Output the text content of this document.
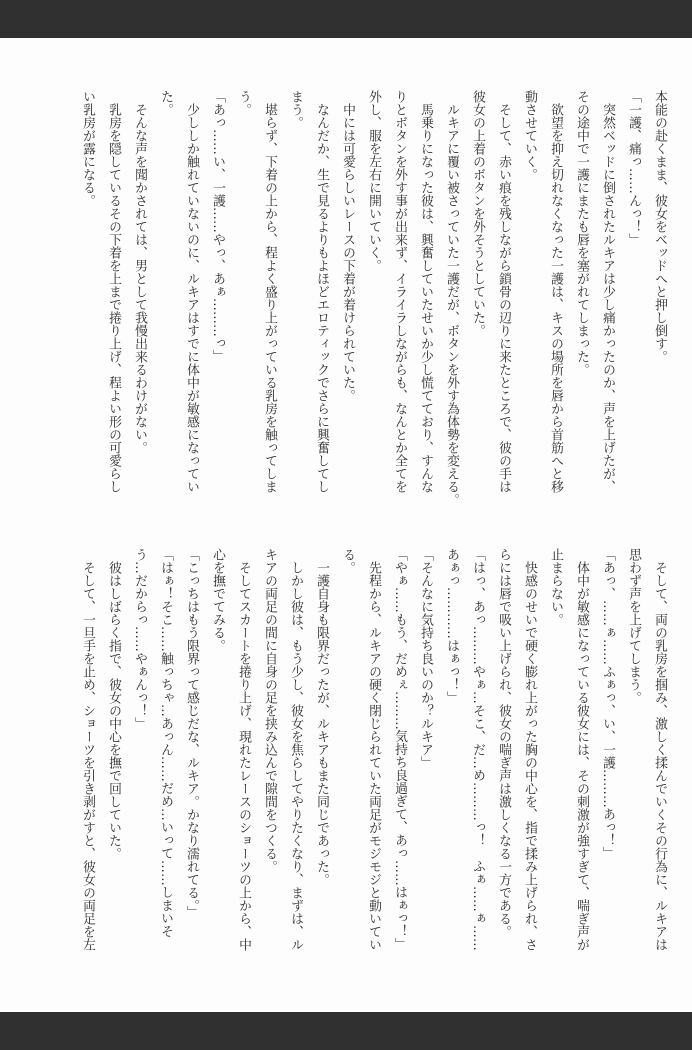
本能の赴くまま、彼女をベッドへと押し倒す。
「一護、痛っ……んっ！」
　突然ベッドに倒されたルキアは少し痛かったのか、声を上げたが、
その途中で一護にまたも唇を塞がれてしまった。
　欲望を抑え切れなくなった一護は、キスの場所を唇から首筋へと移
動させていく。
　そして、赤い痕を残しながら鎖骨の辺りに来たところで、彼の手は
彼女の上着のボタンを外そうとしていた。
　ルキアに覆い被さっていた一護だが、ボタンを外す為体勢を変える。
　馬乗りになった彼は、興奮していたせいか少し慌てており、すんな
りとボタンを外す事が出来ず、イライラしながらも、なんとか全てを
外し、服を左右に開いていく。
　中には可愛らしいレースの下着が着けられていた。
　なんだか、生で見るよりもよほどエロティックでさらに興奮してし
まう。
　堪らず、下着の上から、程よく盛り上がっている乳房を触ってしま
う。
「あっ……い、一護……やっ、あぁ………っ」
　少ししか触れていないのに、ルキアはすでに体中が敏感になってい
た。
　そんな声を聞かされては、男として我慢出来るわけがない。
　乳房を隠しているその下着を上まで捲り上げ、程よい形の可愛らし
い乳房が露になる。
　そして、両の乳房を掴み、激しく揉んでいくその行為に、ルキアは
思わず声を上げてしまう。
「あっ、……ぁ……ふぁっ、い、一護………あっ！」
　体中が敏感になっている彼女には、その刺激が強すぎて、喘ぎ声が
止まらない。
　快感のせいで硬く膨れ上がった胸の中心を、指で揉み上げられ、さ
らには唇で吸い上げられ、彼女の喘ぎ声は激しくなる一方である。
「はっ、あっ………やぁ…そこ、だ…め………っ！　ふぁ……ぁ……
あぁっ…………はぁっ！」
「そんなに気持ち良いのか？ルキア」
「やぁ……もう、だめぇ………気持ち良過ぎて、あっ……はぁっ！」
　先程から、ルキアの硬く閉じられていた両足がモジモジと動いてい
る。
　一護自身も限界だったが、ルキアもまた同じであった。
　しかし彼は、もう少し、彼女を焦らしてやりたくなり、まずは、ル
キアの両足の間に自身の足を挟み込んで隙間をつくる。
　そしてスカートを捲り上げ、現れたレースのショーツの上から、中
心を撫でてみる。
「こっちはもう限界って感じだな、ルキア。かなり濡れてる。」
「はぁ！そこ……触っちゃ…あっん……だめ…いって……しまいそ
う…だからっ……やぁんっ！」
　彼はしばらく指で、彼女の中心を撫で回していた。
　そして、一旦手を止め、ショーツを引き剥がすと、彼女の両足を左
